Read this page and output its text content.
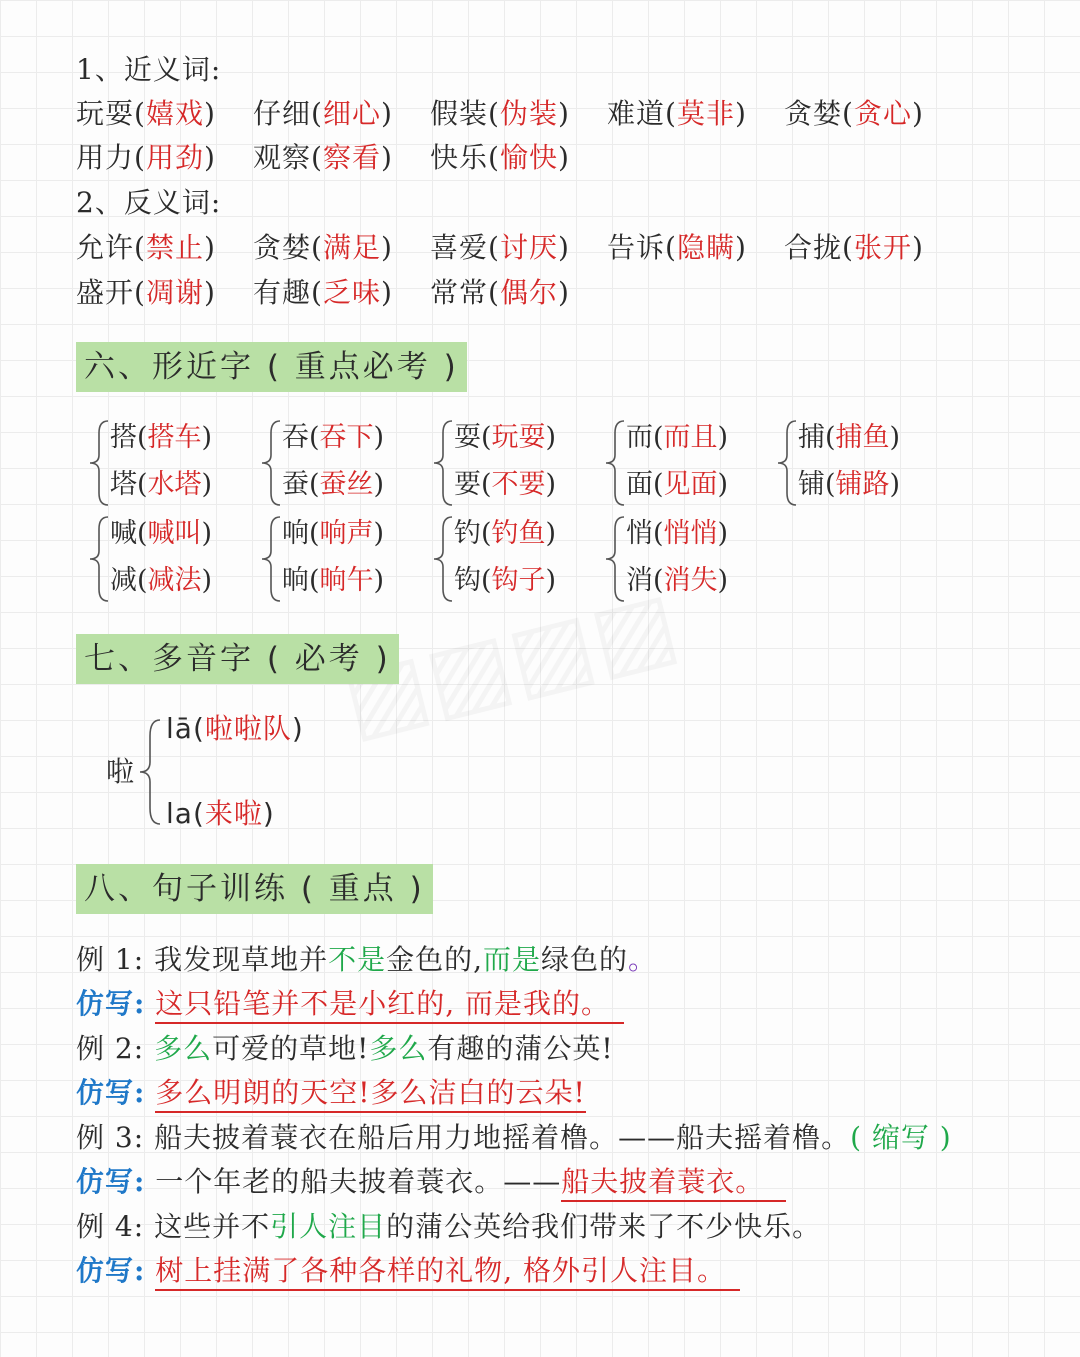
1、近义词:
玩耍(嬉戏) 仔细(细心) 假装(伪装) 难道(莫非) 贪婪(贪心)
用力(用劲) 观察(察看) 快乐(愉快)
2、反义词:
允许(禁止) 贪婪(满足) 喜爱(讨厌) 告诉(隐瞒) 合拢(张开)
盛开(凋谢) 有趣(乏味) 常常(偶尔)
六、形近字 ( 重点必考 )
搭(搭车)
塔(水塔)
吞(吞下)
蚕(蚕丝)
耍(玩耍)
要(不要)
而(而且)
面(见面)
捕(捕鱼)
铺(铺路)
喊(喊叫)
减(减法)
响(响声)
晌(晌午)
钓(钓鱼)
钩(钩子)
悄(悄悄)
消(消失)
七、多音字 ( 必考 )
啦
lā(啦啦队)
la(来啦)
八、句子训练 ( 重点 )
例 1: 我发现草地并不是金色的,而是绿色的。
仿写: 这只铅笔并不是小红的, 而是我的。
例 2: 多么可爱的草地!多么有趣的蒲公英!
仿写: 多么明朗的天空!多么洁白的云朵!
例 3: 船夫披着蓑衣在船后用力地摇着橹。——船夫摇着橹。( 缩写 )
仿写: 一个年老的船夫披着蓑衣。——船夫披着蓑衣。
例 4: 这些并不引人注目的蒲公英给我们带来了不少快乐。
仿写: 树上挂满了各种各样的礼物, 格外引人注目。
